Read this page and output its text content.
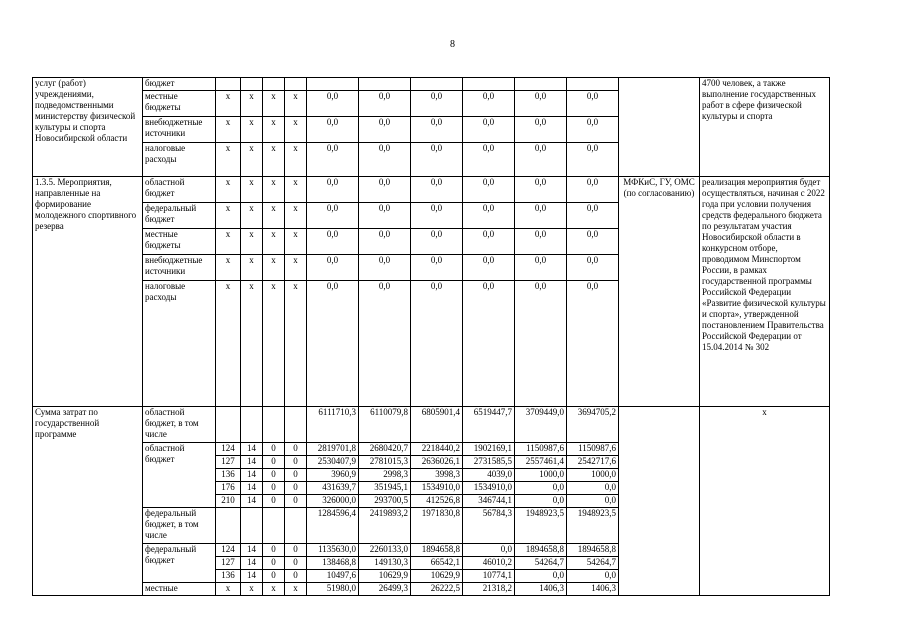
8
услуг (работ) учреждениями, подведомственными министерству физической культуры и спорта Новосибирской области	бюджет												4700 человек, а также выполнение государственных работ в сфере физической культуры и спорта
	местные бюджеты	x	x	x	x	0,0	0,0	0,0	0,0	0,0	0,0		
	внебюджетные источники	x	x	x	x	0,0	0,0	0,0	0,0	0,0	0,0		
	налоговые расходы	x	x	x	x	0,0	0,0	0,0	0,0	0,0	0,0		
1.3.5. Мероприятия, направленные на формирование молодежного спортивного резерва	областной бюджет	x	x	x	x	0,0	0,0	0,0	0,0	0,0	0,0	МФКиС, ГУ, ОМС (по согласованию)	реализация мероприятия будет осуществляться, начиная с 2022 года при условии получения средств федерального бюджета по результатам участия Новосибирской области в конкурсном отборе, проводимом Минспортом России, в рамках государственной программы Российской Федерации «Развитие физической культуры и спорта», утвержденной постановлением Правительства Российской Федерации от 15.04.2014 № 302
	федеральный бюджет	x	x	x	x	0,0	0,0	0,0	0,0	0,0	0,0		
	местные бюджеты	x	x	x	x	0,0	0,0	0,0	0,0	0,0	0,0		
	внебюджетные источники	x	x	x	x	0,0	0,0	0,0	0,0	0,0	0,0		
	налоговые расходы	x	x	x	x	0,0	0,0	0,0	0,0	0,0	0,0		
Сумма затрат по государственной программе	областной бюджет, в том числе					6111710,3	6110079,8	6805901,4	6519447,7	3709449,0	3694705,2		x
	областной бюджет	124	14	0	0	2819701,8	2680420,7	2218440,2	1902169,1	1150987,6	1150987,6		
		127	14	0	0	2530407,9	2781015,3	2636026,1	2731585,5	2557461,4	2542717,6		
		136	14	0	0	3960,9	2998,3	3998,3	4039,0	1000,0	1000,0		
		176	14	0	0	431639,7	351945,1	1534910,0	1534910,0	0,0	0,0		
		210	14	0	0	326000,0	293700,5	412526,8	346744,1	0,0	0,0		
	федеральный бюджет, в том числе					1284596,4	2419893,2	1971830,8	56784,3	1948923,5	1948923,5		
	федеральный бюджет	124	14	0	0	1135630,0	2260133,0	1894658,8	0,0	1894658,8	1894658,8		
		127	14	0	0	138468,8	149130,3	66542,1	46010,2	54264,7	54264,7		
		136	14	0	0	10497,6	10629,9	10629,9	10774,1	0,0	0,0		
	местные	x	x	x	x	51980,0	26499,3	26222,5	21318,2	1406,3	1406,3		
